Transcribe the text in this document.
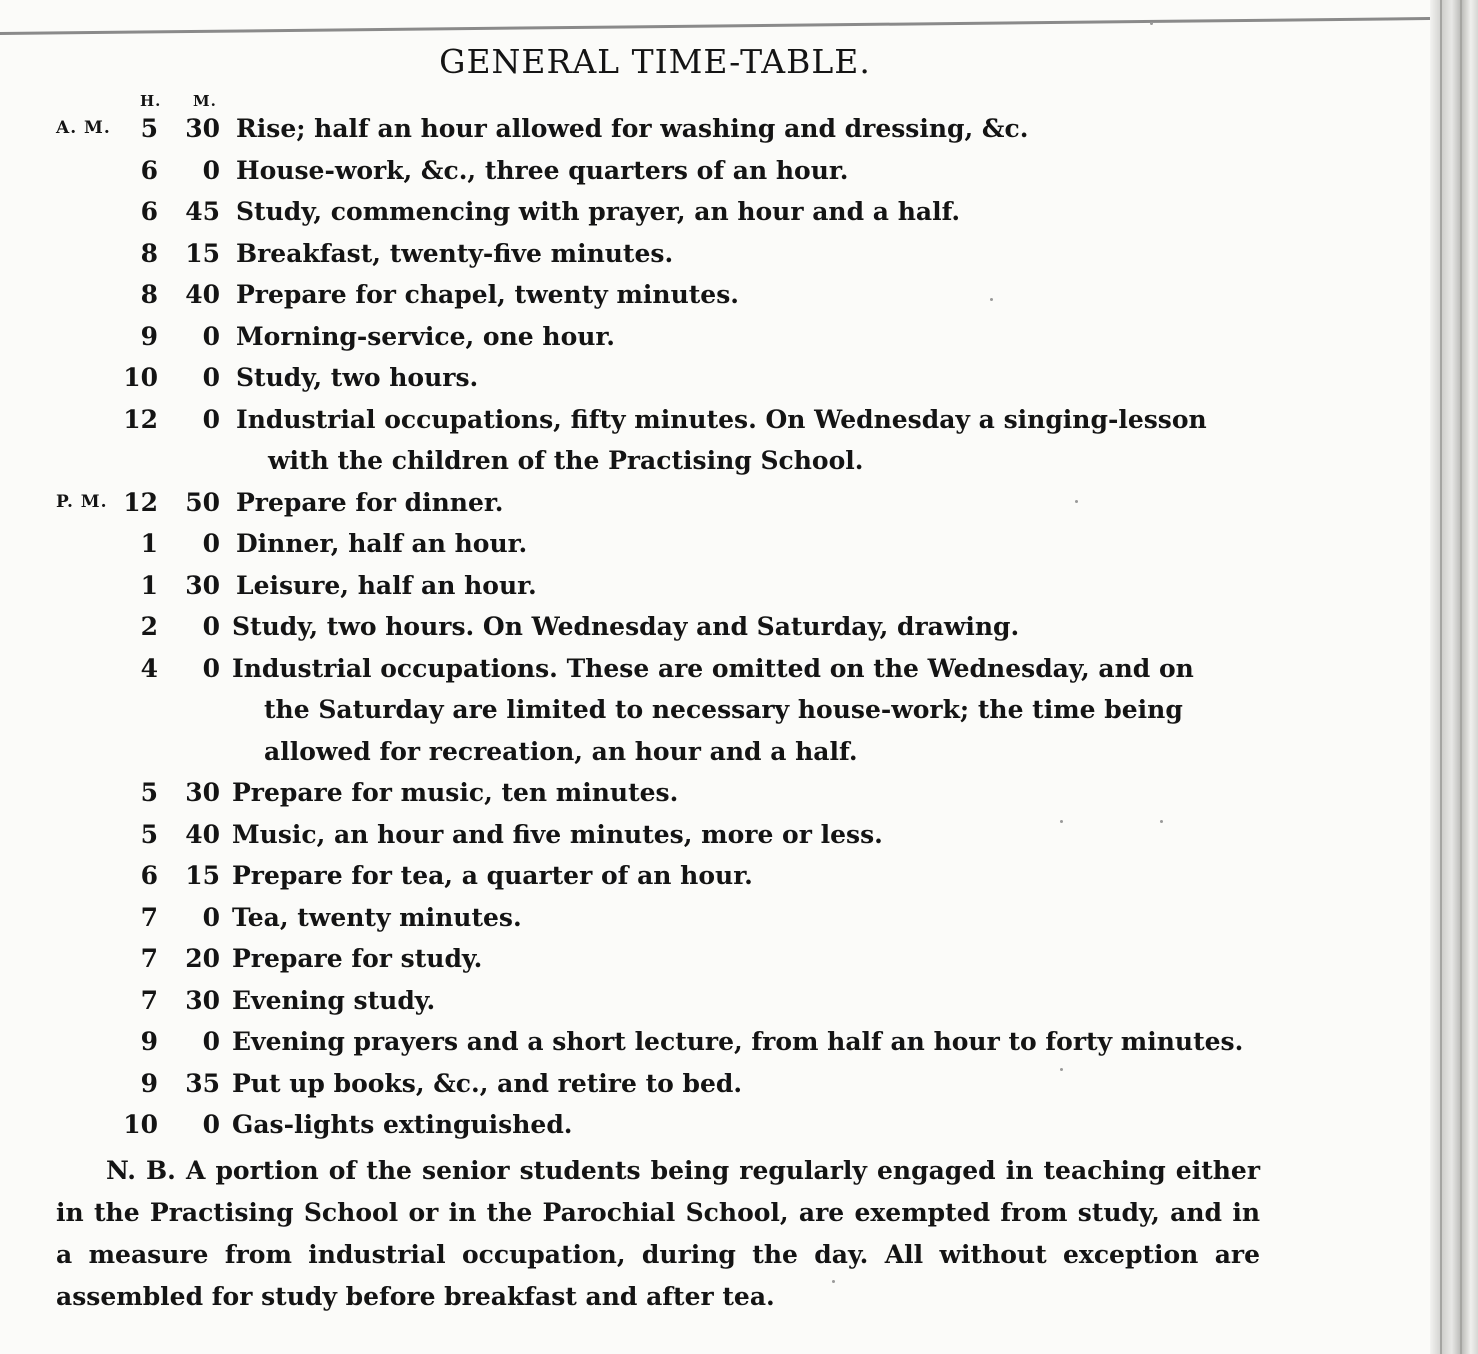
GENERAL TIME-TABLE.
H. M.
A. M.	5	30 Rise; half an hour allowed for washing and dressing, &c.
6	0 House-work, &c., three quarters of an hour.
6	45 Study, commencing with prayer, an hour and a half.
8	15 Breakfast, twenty-five minutes.
8	40 Prepare for chapel, twenty minutes.
9	0 Morning-service, one hour.
10	0 Study, two hours.
12	0 Industrial occupations, fifty minutes. On Wednesday a singing-lesson
with the children of the Practising School.
P. M. 12	50 Prepare for dinner.
1	0 Dinner, half an hour.
1	30 Leisure, half an hour.
2	0 Study, two hours. On Wednesday and Saturday, drawing.
4	0 Industrial occupations. These are omitted on the Wednesday, and on
the Saturday are limited to necessary house-work; the time being
allowed for recreation, an hour and a half.
5	30 Prepare for music, ten minutes.
5	40 Music, an hour and five minutes, more or less.
6	15 Prepare for tea, a quarter of an hour.
7	0 Tea, twenty minutes.
7	20 Prepare for study.
7	30 Evening study.
9	0 Evening prayers and a short lecture, from half an hour to forty minutes.
9	35 Put up books, &c., and retire to bed.
10	0 Gas-lights extinguished.
N. B. A portion of the senior students being regularly engaged in teaching either in the Practising School or in the Parochial School, are exempted from study, and in a measure from industrial occupation, during the day. All without exception are assembled for study before breakfast and after tea.
